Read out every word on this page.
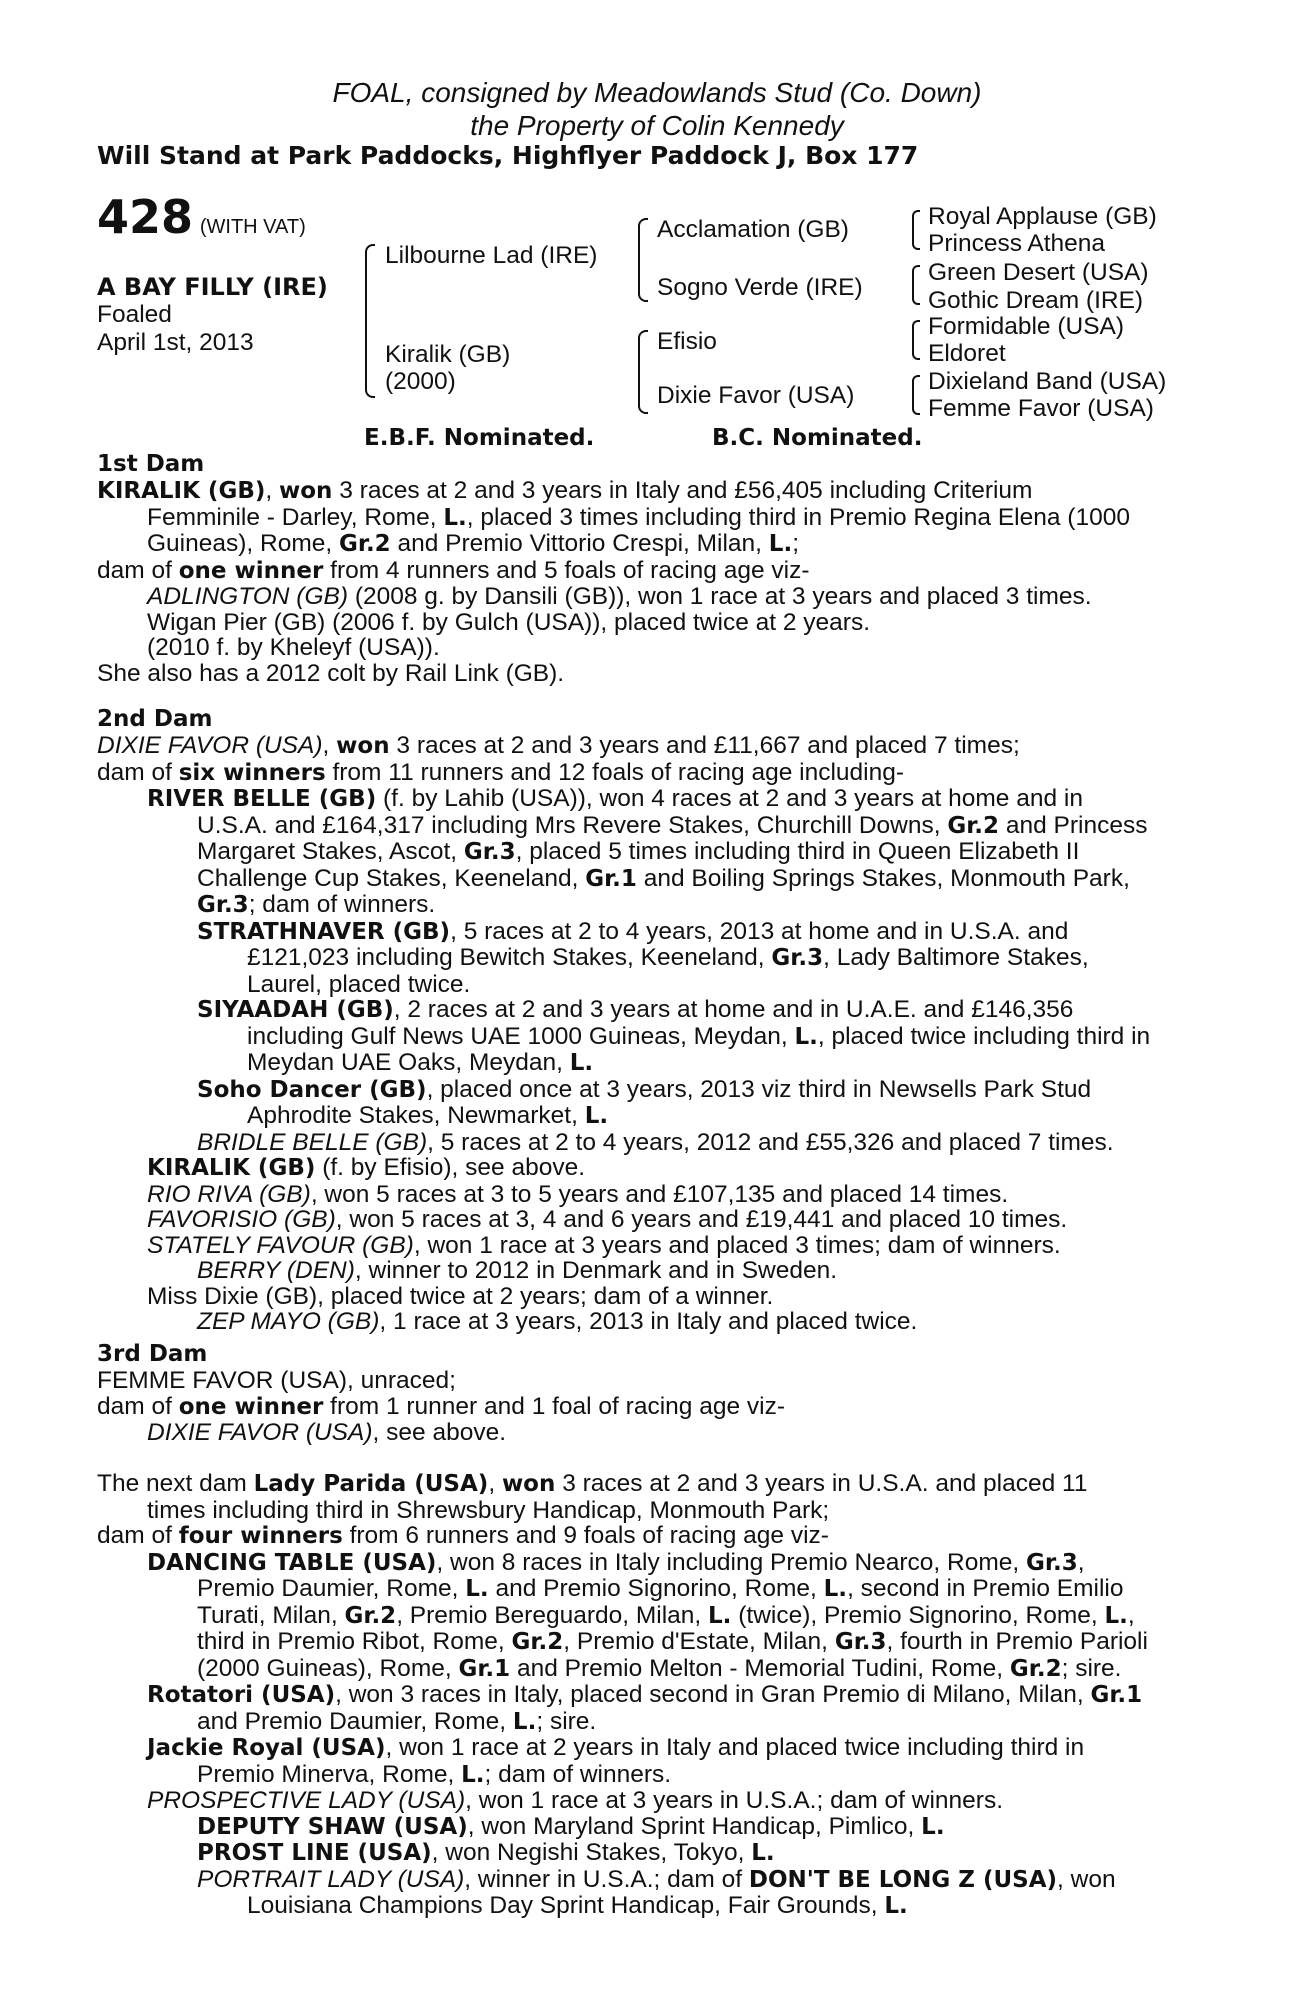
FOAL, consigned by Meadowlands Stud (Co. Down)
the Property of Colin Kennedy
Will Stand at Park Paddocks, Highflyer Paddock J, Box 177
428 (WITH VAT)
A BAY FILLY (IRE)
Foaled
April 1st, 2013
Lilbourne Lad (IRE)
Kiralik (GB)
(2000)
Acclamation (GB)
Sogno Verde (IRE)
Efisio
Dixie Favor (USA)
Royal Applause (GB)
Princess Athena
Green Desert (USA)
Gothic Dream (IRE)
Formidable (USA)
Eldoret
Dixieland Band (USA)
Femme Favor (USA)
E.B.F. Nominated.	B.C. Nominated.
1st Dam
KIRALIK (GB), won 3 races at 2 and 3 years in Italy and £56,405 including Criterium
Femminile - Darley, Rome, L., placed 3 times including third in Premio Regina Elena (1000
Guineas), Rome, Gr.2 and Premio Vittorio Crespi, Milan, L.;
dam of one winner from 4 runners and 5 foals of racing age viz-
ADLINGTON (GB) (2008 g. by Dansili (GB)), won 1 race at 3 years and placed 3 times.
Wigan Pier (GB) (2006 f. by Gulch (USA)), placed twice at 2 years.
(2010 f. by Kheleyf (USA)).
She also has a 2012 colt by Rail Link (GB).
2nd Dam
DIXIE FAVOR (USA), won 3 races at 2 and 3 years and £11,667 and placed 7 times;
dam of six winners from 11 runners and 12 foals of racing age including-
RIVER BELLE (GB) (f. by Lahib (USA)), won 4 races at 2 and 3 years at home and in
U.S.A. and £164,317 including Mrs Revere Stakes, Churchill Downs, Gr.2 and Princess
Margaret Stakes, Ascot, Gr.3, placed 5 times including third in Queen Elizabeth II
Challenge Cup Stakes, Keeneland, Gr.1 and Boiling Springs Stakes, Monmouth Park,
Gr.3; dam of winners.
STRATHNAVER (GB), 5 races at 2 to 4 years, 2013 at home and in U.S.A. and
£121,023 including Bewitch Stakes, Keeneland, Gr.3, Lady Baltimore Stakes,
Laurel, placed twice.
SIYAADAH (GB), 2 races at 2 and 3 years at home and in U.A.E. and £146,356
including Gulf News UAE 1000 Guineas, Meydan, L., placed twice including third in
Meydan UAE Oaks, Meydan, L.
Soho Dancer (GB), placed once at 3 years, 2013 viz third in Newsells Park Stud
Aphrodite Stakes, Newmarket, L.
BRIDLE BELLE (GB), 5 races at 2 to 4 years, 2012 and £55,326 and placed 7 times.
KIRALIK (GB) (f. by Efisio), see above.
RIO RIVA (GB), won 5 races at 3 to 5 years and £107,135 and placed 14 times.
FAVORISIO (GB), won 5 races at 3, 4 and 6 years and £19,441 and placed 10 times.
STATELY FAVOUR (GB), won 1 race at 3 years and placed 3 times; dam of winners.
BERRY (DEN), winner to 2012 in Denmark and in Sweden.
Miss Dixie (GB), placed twice at 2 years; dam of a winner.
ZEP MAYO (GB), 1 race at 3 years, 2013 in Italy and placed twice.
3rd Dam
FEMME FAVOR (USA), unraced;
dam of one winner from 1 runner and 1 foal of racing age viz-
DIXIE FAVOR (USA), see above.
The next dam Lady Parida (USA), won 3 races at 2 and 3 years in U.S.A. and placed 11
times including third in Shrewsbury Handicap, Monmouth Park;
dam of four winners from 6 runners and 9 foals of racing age viz-
DANCING TABLE (USA), won 8 races in Italy including Premio Nearco, Rome, Gr.3,
Premio Daumier, Rome, L. and Premio Signorino, Rome, L., second in Premio Emilio
Turati, Milan, Gr.2, Premio Bereguardo, Milan, L. (twice), Premio Signorino, Rome, L.,
third in Premio Ribot, Rome, Gr.2, Premio d'Estate, Milan, Gr.3, fourth in Premio Parioli
(2000 Guineas), Rome, Gr.1 and Premio Melton - Memorial Tudini, Rome, Gr.2; sire.
Rotatori (USA), won 3 races in Italy, placed second in Gran Premio di Milano, Milan, Gr.1
and Premio Daumier, Rome, L.; sire.
Jackie Royal (USA), won 1 race at 2 years in Italy and placed twice including third in
Premio Minerva, Rome, L.; dam of winners.
PROSPECTIVE LADY (USA), won 1 race at 3 years in U.S.A.; dam of winners.
DEPUTY SHAW (USA), won Maryland Sprint Handicap, Pimlico, L.
PROST LINE (USA), won Negishi Stakes, Tokyo, L.
PORTRAIT LADY (USA), winner in U.S.A.; dam of DON'T BE LONG Z (USA), won
Louisiana Champions Day Sprint Handicap, Fair Grounds, L.
